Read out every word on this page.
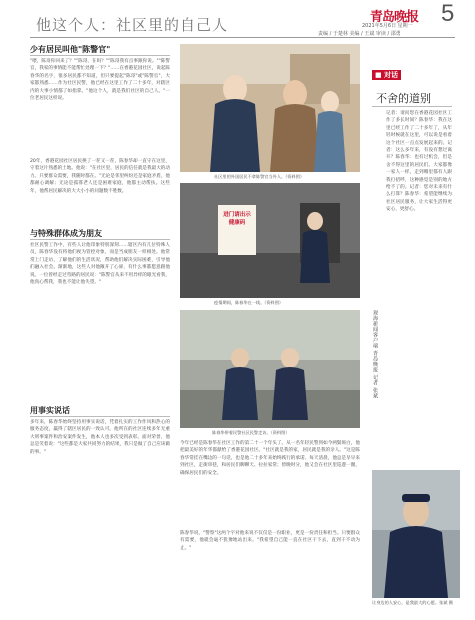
他这个人：社区里的自己人	青岛晚报 5
2021年5月6日 星期一
责编 / 于楚林 美编 / 王斌 审读 / 邵勇
少有居民叫他"陈警官"
"喂，陈哥你回来了？""陈哥，在吗？""陈哥我有点事跟你说。""陈警官，我家的事情能不能帮忙处理一下？"……在香港花园社区，说起陈春华的名字，很多居民都不知道，但只要提起"陈哥"或"陈警官"，大家都熟悉……作为社区民警，他已经在这里工作了二十多年，对辖区内的大事小情都了如指掌。"他这个人，就是我们社区的自己人。"一位老居民这样说。
20年，香港花园社区居民换了一茬又一茬，陈春华却一直守在这里，守着这片熟悉的土地。他说："在社区里，居民的信任就是我最大的动力。只要群众需要，我随时都在。"无论是邻里纠纷还是家庭矛盾，他都耐心调解；无论是孤寡老人还是困难家庭，他都主动帮扶。这些年，他帮居民解决的大大小小的问题数不胜数。
与特殊群体成为朋友
社区民警工作中，有些人让他印象特别深刻……辖区内有几位特殊人员，陈春华没有将他们视为管控对象，而是当成朋友一样相处。他常常上门走访，了解他们的生活状况，帮助他们解决实际困难，引导他们融入社会。渐渐地，这些人对他敞开了心扉，有什么事都愿意跟他说。一位曾经走过弯路的居民说："陈警官从来不用异样的眼光看我，他真心帮我，我也不能让他失望。"
用事实说话
多年来，陈春华始终坚持用事实说话，凭着扎实的工作作风和热心的服务态度，赢得了辖区居民的一致认可。他所在的社区连续多年无重大刑事案件和治安案件发生，他本人也多次受到表彰。面对荣誉，他总是笑着说："这些都是大家共同努力的结果，我只是做了自己应该做的事。"
社区里的外国居民不拿陈警官当外人。（资料图）
进门请出示健康码
疫情期间，陈春华在一线。（资料图）
陈春华带着民警社区民警走访。（资料图）
今年已经是陈春华在社区工作的第二十一个年头了。从一名年轻民警到如今两鬓斑白，他把最美好的年华都献给了香港花园社区。"社区就是我的家，居民就是我的亲人。"这是陈春华常挂在嘴边的一句话，也是他二十多年来始终践行的承诺。每天清晨，他总是早早来到社区，走街串巷，和居民们聊聊天、拉拉家常；傍晚时分，他又会在社区里巡逻一圈，确保居民们的安全。
陈春华说，"警察"这两个字对他来说不仅仅是一份职业，更是一份责任和担当。只要群众有需要，他就会毫不犹豫地站出来。"我希望自己能一直在社区干下去，直到干不动为止。"
■ 对话
不舍的道别
记者：请问您在香港花园社区工作了多长时间？陈春华：我在这里已经工作了二十多年了，从年轻时候就在这里，可以说是看着这个社区一点点发展起来的。记者：这么多年来，有没有想过离开？陈春华：也有过机会，但是舍不得这里的居民们。大家都像一家人一样，走到哪里都有人跟我打招呼，这种感觉是别的地方给不了的。记者：您对未来有什么打算？陈春华：希望能继续为社区居民服务，让大家生活得更安心、更舒心。
观海新闻客户端 青岛晚报 记者 张斌
让身边的人安心，是我最大的心愿。张斌 摄
